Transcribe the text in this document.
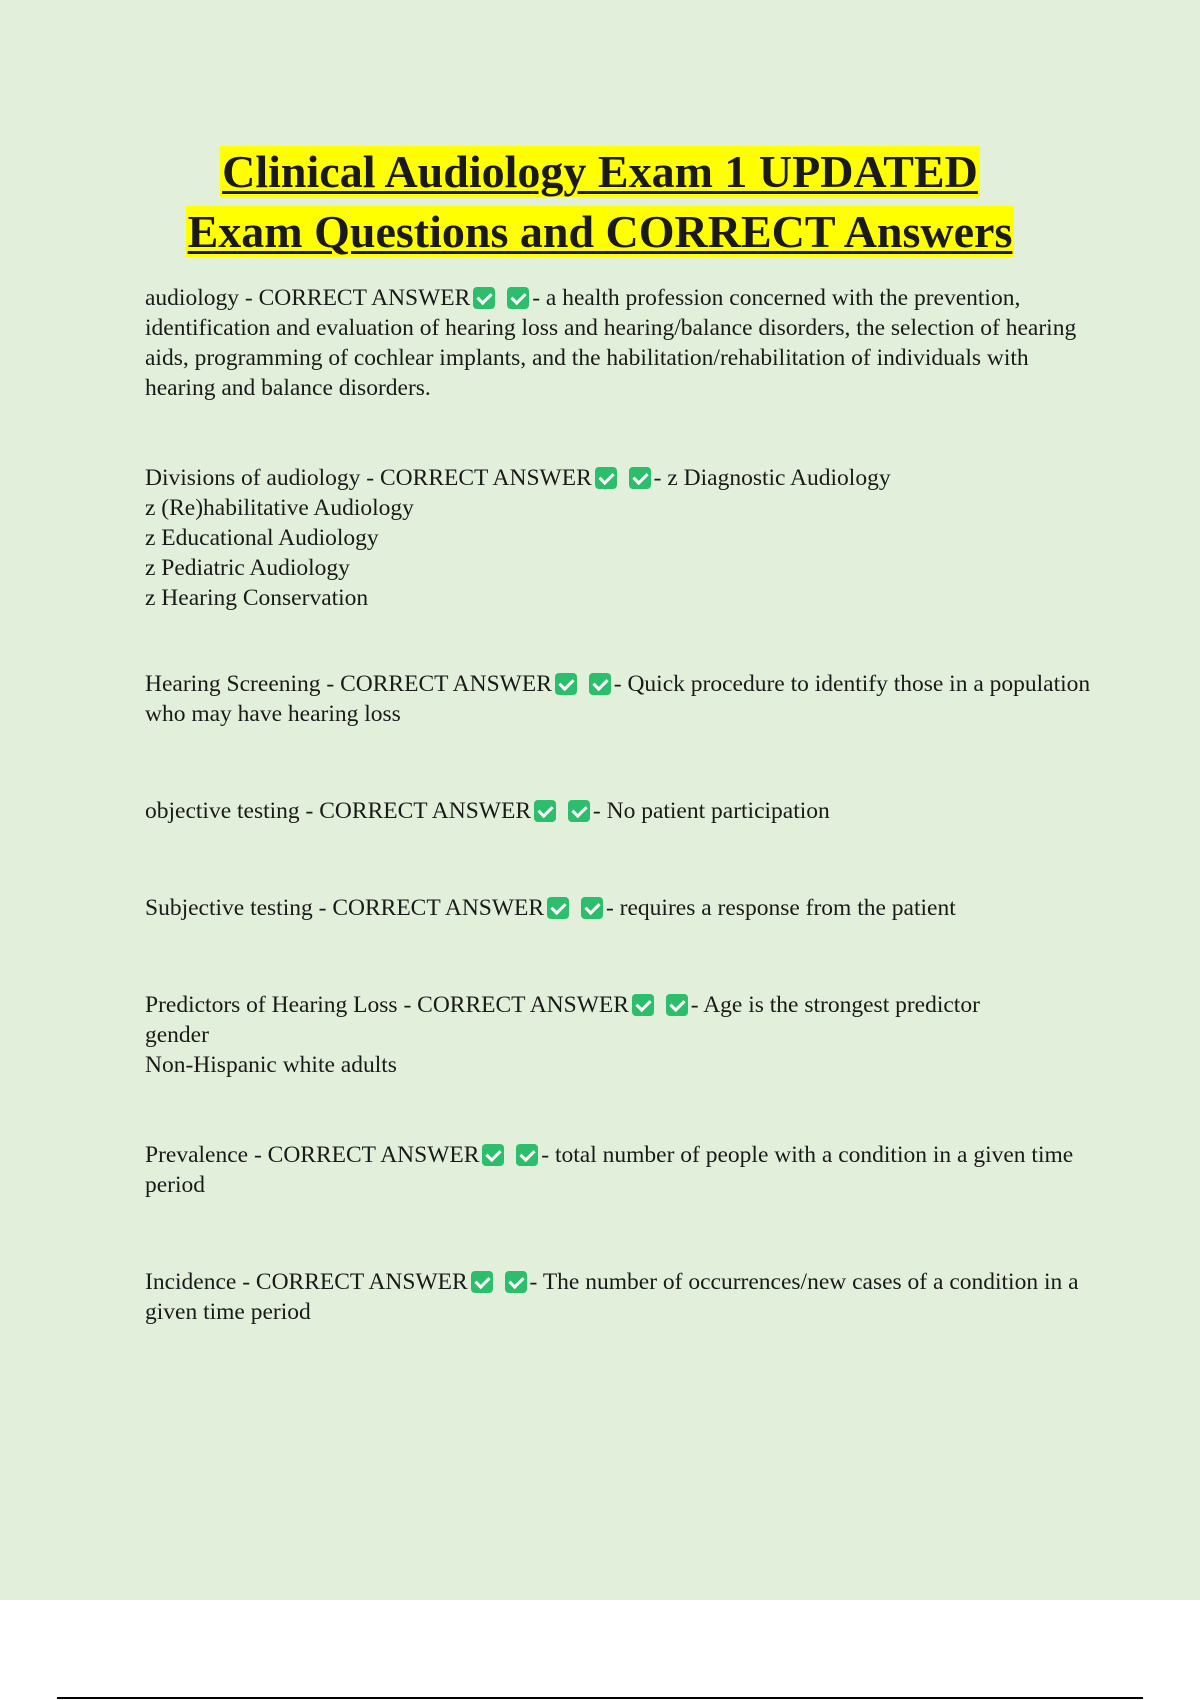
Clinical Audiology Exam 1 UPDATED
Exam Questions and CORRECT Answers

audiology - CORRECT ANSWER	- a health profession concerned with the prevention, identification and evaluation of hearing loss and hearing/balance disorders, the selection of hearing aids, programming of cochlear implants, and the habilitation/rehabilitation of individuals with hearing and balance disorders.

Divisions of audiology - CORRECT ANSWER	- z Diagnostic Audiology

z (Re)habilitative Audiology

z Educational Audiology

z Pediatric Audiology

z Hearing Conservation

Hearing Screening - CORRECT ANSWER	- Quick procedure to identify those in a population who may have hearing loss

objective testing - CORRECT ANSWER	- No patient participation

Subjective testing - CORRECT ANSWER	- requires a response from the patient

Predictors of Hearing Loss - CORRECT ANSWER	- Age is the strongest predictor

gender

Non-Hispanic white adults

Prevalence - CORRECT ANSWER	- total number of people with a condition in a given time period

Incidence - CORRECT ANSWER	- The number of occurrences/new cases of a condition in a given time period
